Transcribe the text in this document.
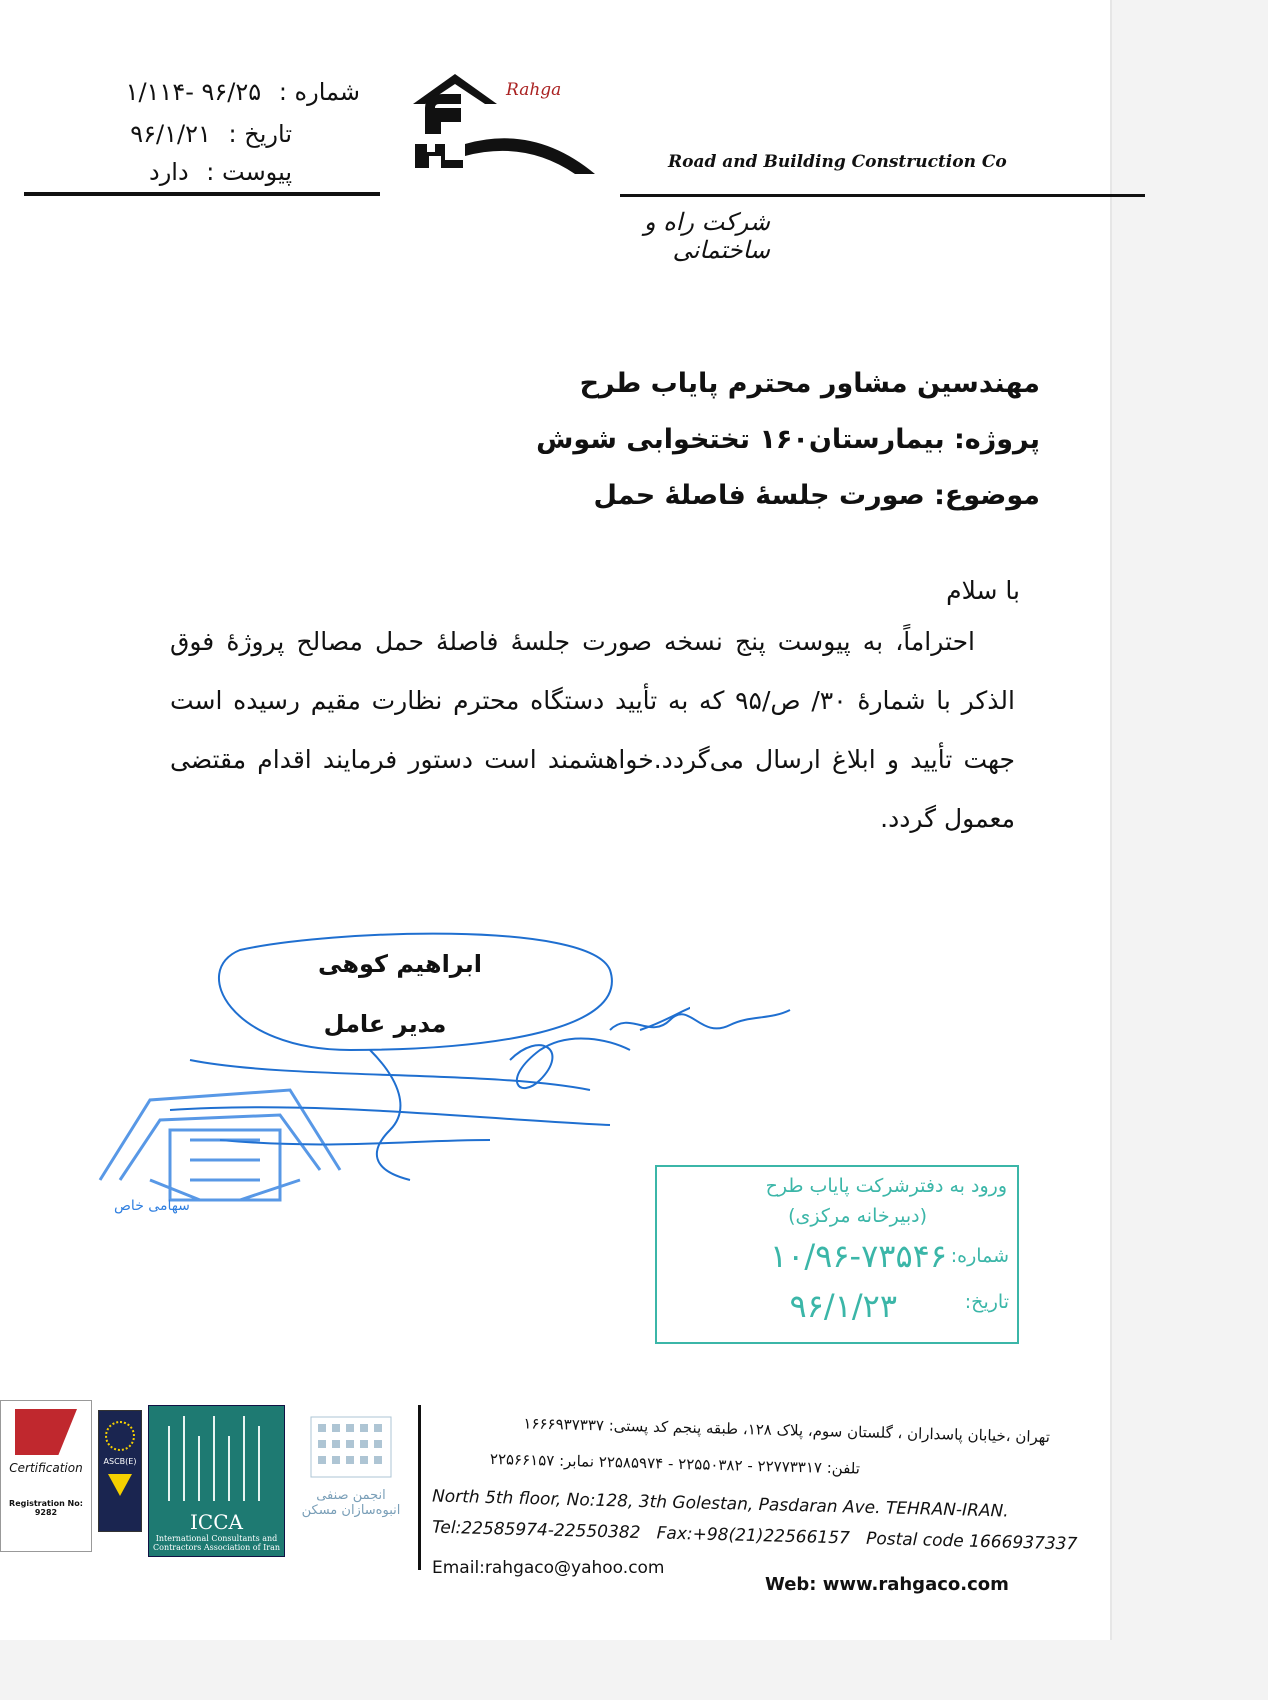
شماره : ۹۶/۲۵ -۱/۱۱۴
تاریخ : ۹۶/۱/۲۱
پیوست : دارد
Rahga
Road and Building Construction Co
شرکت راه و ساختمانی
مهندسین مشاور محترم پایاب طرح
پروژه: بیمارستان۱۶۰ تختخوابی شوش
موضوع: صورت جلسهٔ فاصلهٔ حمل
با سلام
احتراماً، به پیوست پنج نسخه صورت جلسهٔ فاصلهٔ حمل مصالح پروژهٔ فوق الذکر با شمارهٔ ۳۰/ ص/۹۵ که به تأیید دستگاه محترم نظارت مقیم رسیده است جهت تأیید و ابلاغ ارسال می‌گردد.خواهشمند است دستور فرمایند اقدام مقتضی معمول گردد.
سهامی خاص
ابراهیم کوهی
مدیر عامل
ورود به دفترشرکت پایاب طرح
(دبیرخانه مرکزی)
شماره:
۱۰/۹۶-۷۳۵۴۶
تاریخ:
۹۶/۱/۲۳
Certification
Registration No: 9282
ASCB(E)
ICCA
International Consultants and Contractors Association of Iran
انجمن صنفی
انبوه‌سازان مسکن
تهران ،خیابان پاسداران ، گلستان سوم، پلاک ۱۲۸، طبقه پنجم کد پستی: ۱۶۶۶۹۳۷۳۳۷
تلفن: ۲۲۷۷۳۳۱۷ - ۲۲۵۵۰۳۸۲ - ۲۲۵۸۵۹۷۴ نمابر: ۲۲۵۶۶۱۵۷
North 5th floor, No:128, 3th Golestan, Pasdaran Ave. TEHRAN-IRAN.
Tel:22585974-22550382 Fax:+98(21)22566157 Postal code 1666937337
Email:rahgaco@yahoo.com
Web: www.rahgaco.com
